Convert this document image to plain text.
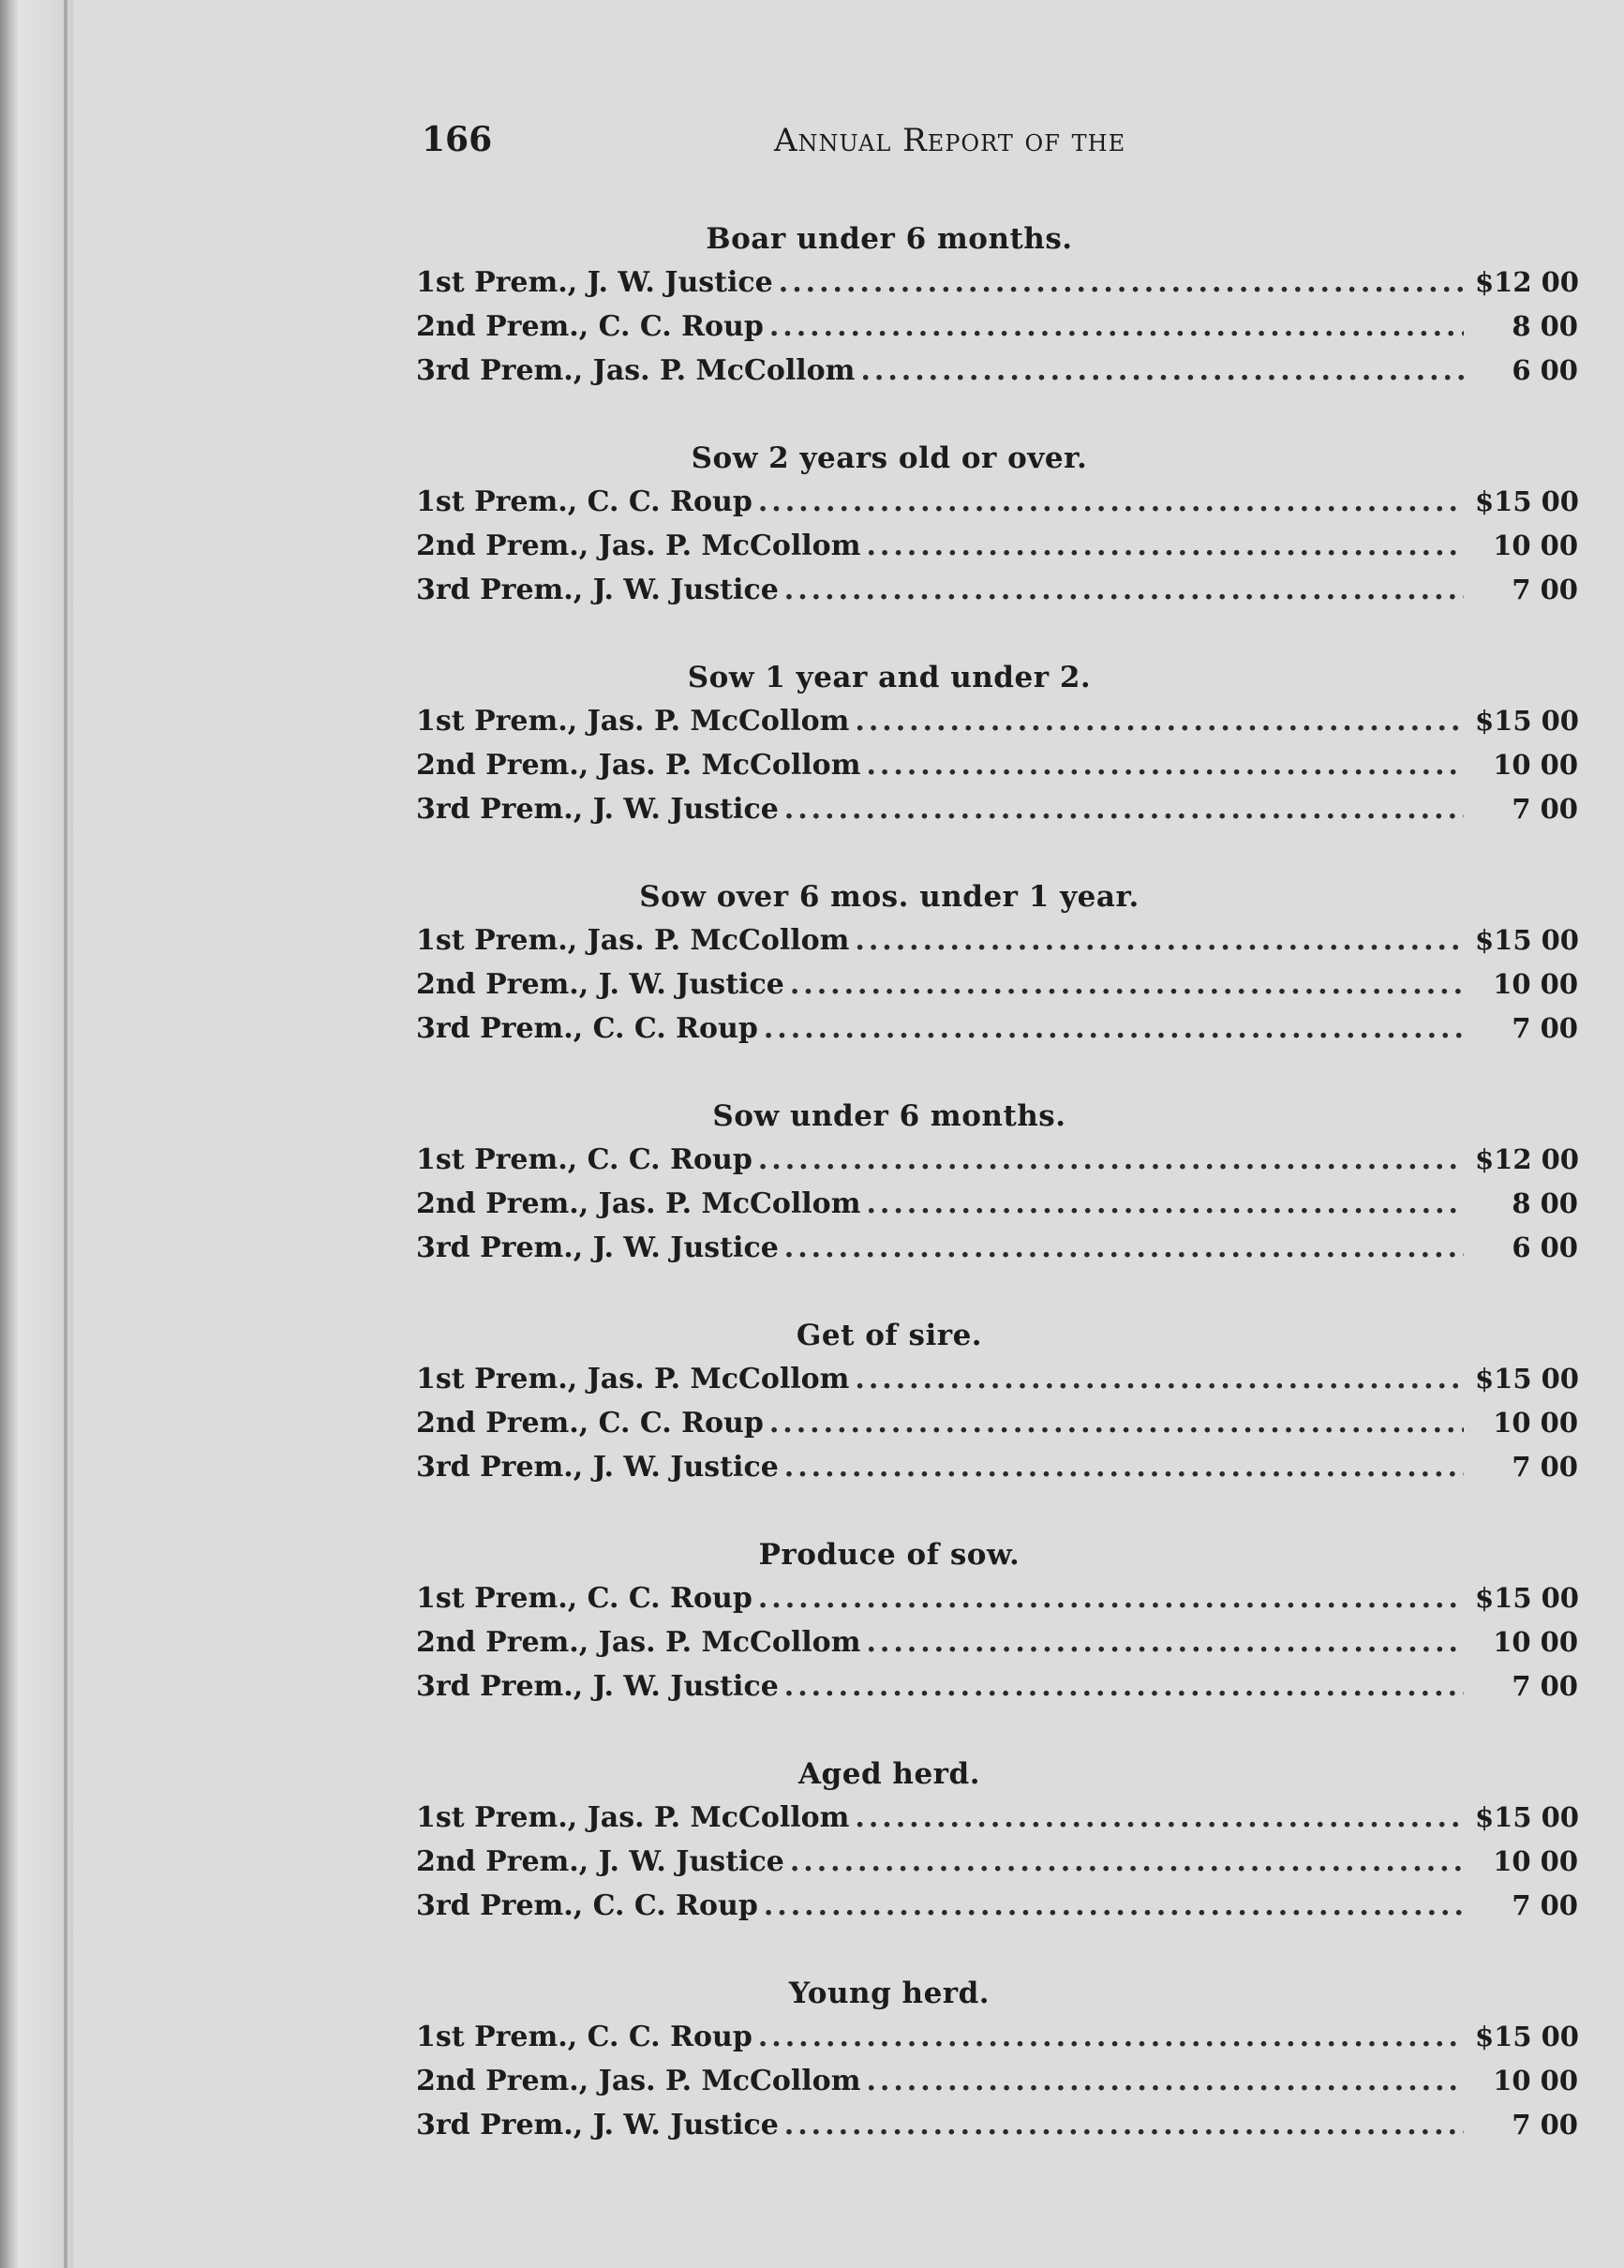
166	Annual Report of the
Boar under 6 months.
1st Prem., J. W. Justice .....	$12 00
2nd Prem., C. C. Roup .....	8 00
3rd Prem., Jas. P. McCollom .....	6 00
Sow 2 years old or over.
1st Prem., C. C. Roup .....	$15 00
2nd Prem., Jas. P. McCollom .....	10 00
3rd Prem., J. W. Justice .....	7 00
Sow 1 year and under 2.
1st Prem., Jas. P. McCollom .....	$15 00
2nd Prem., Jas. P. McCollom .....	10 00
3rd Prem., J. W. Justice .....	7 00
Sow over 6 mos. under 1 year.
1st Prem., Jas. P. McCollom .....	$15 00
2nd Prem., J. W. Justice .....	10 00
3rd Prem., C. C. Roup .....	7 00
Sow under 6 months.
1st Prem., C. C. Roup .....	$12 00
2nd Prem., Jas. P. McCollom .....	8 00
3rd Prem., J. W. Justice .....	6 00
Get of sire.
1st Prem., Jas. P. McCollom .....	$15 00
2nd Prem., C. C. Roup .....	10 00
3rd Prem., J. W. Justice .....	7 00
Produce of sow.
1st Prem., C. C. Roup .....	$15 00
2nd Prem., Jas. P. McCollom .....	10 00
3rd Prem., J. W. Justice .....	7 00
Aged herd.
1st Prem., Jas. P. McCollom .....	$15 00
2nd Prem., J. W. Justice .....	10 00
3rd Prem., C. C. Roup .....	7 00
Young herd.
1st Prem., C. C. Roup .....	$15 00
2nd Prem., Jas. P. McCollom .....	10 00
3rd Prem., J. W. Justice .....	7 00
